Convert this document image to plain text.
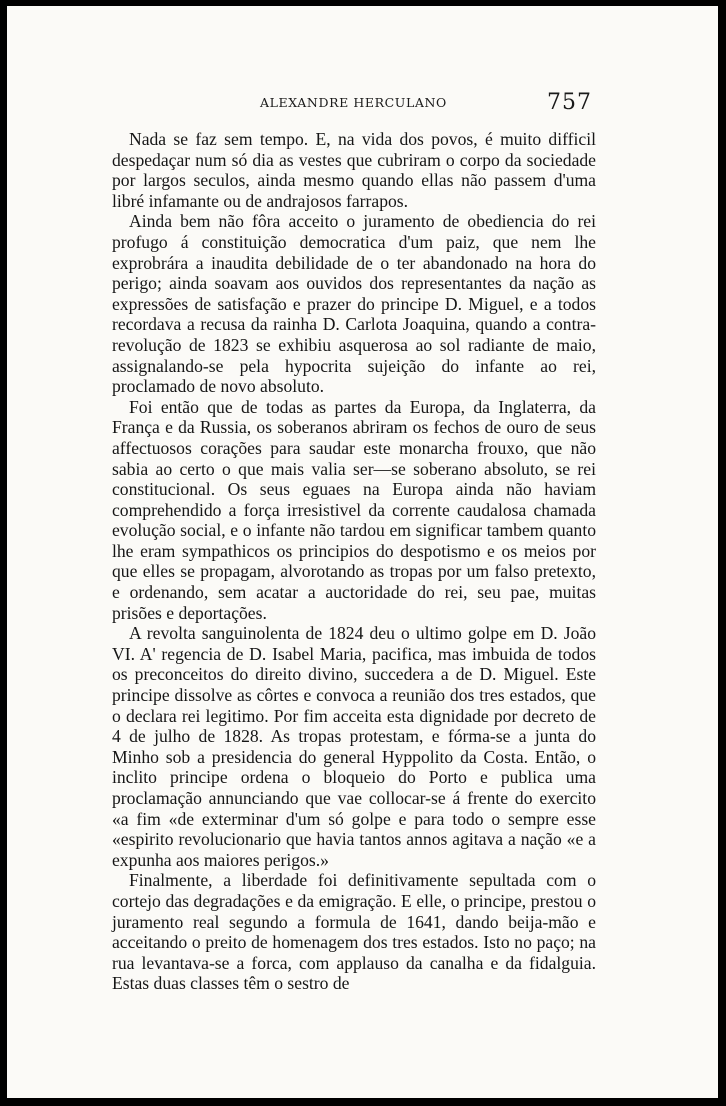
ALEXANDRE HERCULANO	757

Nada se faz sem tempo. E, na vida dos povos, é muito difficil despedaçar num só dia as vestes que cubriram o corpo da sociedade por largos seculos, ainda mesmo quando ellas não passem d'uma libré infamante ou de andrajosos farrapos.

Ainda bem não fôra acceito o juramento de obediencia do rei profugo á constituição democratica d'um paiz, que nem lhe exprobrára a inaudita debilidade de o ter abandonado na hora do perigo; ainda soavam aos ouvidos dos representantes da nação as expressões de satisfação e prazer do principe D. Miguel, e a todos recordava a recusa da rainha D. Carlota Joaquina, quando a contra-revolução de 1823 se exhibiu asquerosa ao sol radiante de maio, assignalando-se pela hypocrita sujeição do infante ao rei, proclamado de novo absoluto.

Foi então que de todas as partes da Europa, da Inglaterra, da França e da Russia, os soberanos abriram os fechos de ouro de seus affectuosos corações para saudar este monarcha frouxo, que não sabia ao certo o que mais valia ser—se soberano absoluto, se rei constitucional. Os seus eguaes na Europa ainda não haviam comprehendido a força irresistivel da corrente caudalosa chamada evolução social, e o infante não tardou em significar tambem quanto lhe eram sympathicos os principios do despotismo e os meios por que elles se propagam, alvorotando as tropas por um falso pretexto, e ordenando, sem acatar a auctoridade do rei, seu pae, muitas prisões e deportações.

A revolta sanguinolenta de 1824 deu o ultimo golpe em D. João VI. A' regencia de D. Isabel Maria, pacifica, mas imbuida de todos os preconceitos do direito divino, succedera a de D. Miguel. Este principe dissolve as côrtes e convoca a reunião dos tres estados, que o declara rei legitimo. Por fim acceita esta dignidade por decreto de 4 de julho de 1828. As tropas protestam, e fórma-se a junta do Minho sob a presidencia do general Hyppolito da Costa. Então, o inclito principe ordena o bloqueio do Porto e publica uma proclamação annunciando que vae collocar-se á frente do exercito «a fim «de exterminar d'um só golpe e para todo o sempre esse «espirito revolucionario que havia tantos annos agitava a nação «e a expunha aos maiores perigos.»

Finalmente, a liberdade foi definitivamente sepultada com o cortejo das degradações e da emigração. E elle, o principe, prestou o juramento real segundo a formula de 1641, dando beija-mão e acceitando o preito de homenagem dos tres estados. Isto no paço; na rua levantava-se a forca, com applauso da canalha e da fidalguia. Estas duas classes têm o sestro de
